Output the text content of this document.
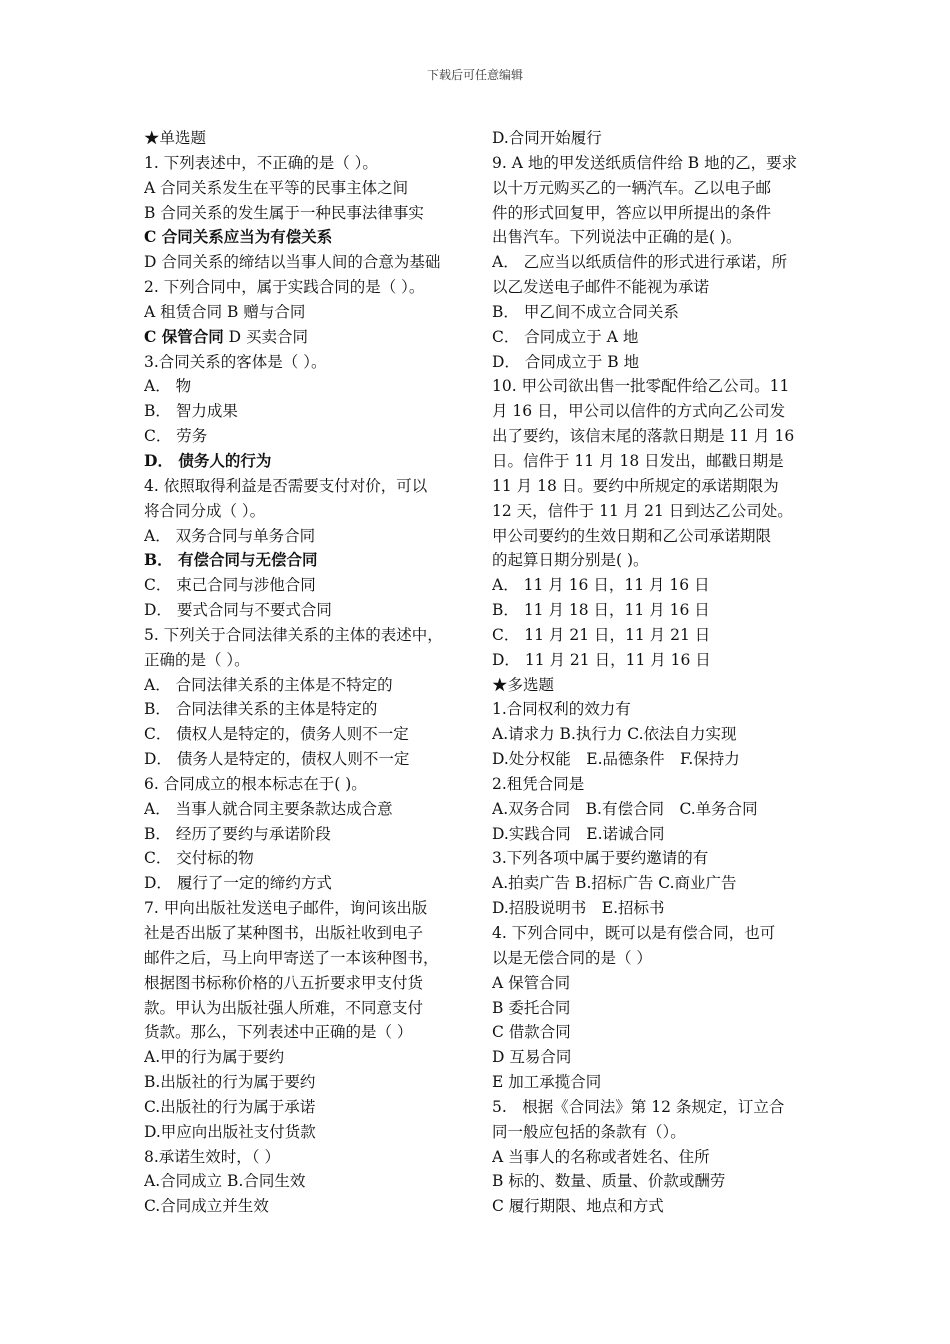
下载后可任意编辑
★单选题
1. 下列表述中，不正确的是（ ）。
A 合同关系发生在平等的民事主体之间
B 合同关系的发生属于一种民事法律事实
C 合同关系应当为有偿关系
D 合同关系的缔结以当事人间的合意为基础
2. 下列合同中，属于实践合同的是（ ）。
A 租赁合同 B 赠与合同
C 保管合同 D 买卖合同
3.合同关系的客体是（ ）。
A． 物
B． 智力成果
C． 劳务
D． 债务人的行为
4. 依照取得利益是否需要支付对价，可以
将合同分成（ ）。
A． 双务合同与单务合同
B． 有偿合同与无偿合同
C． 束己合同与涉他合同
D． 要式合同与不要式合同
5. 下列关于合同法律关系的主体的表述中，
正确的是（ ）。
A． 合同法律关系的主体是不特定的
B． 合同法律关系的主体是特定的
C． 债权人是特定的，债务人则不一定
D． 债务人是特定的，债权人则不一定
6. 合同成立的根本标志在于( )。
A． 当事人就合同主要条款达成合意
B． 经历了要约与承诺阶段
C． 交付标的物
D． 履行了一定的缔约方式
7. 甲向出版社发送电子邮件，询问该出版
社是否出版了某种图书，出版社收到电子
邮件之后，马上向甲寄送了一本该种图书，
根据图书标称价格的八五折要求甲支付货
款。甲认为出版社强人所难，不同意支付
货款。那么，下列表述中正确的是（ ）
A.甲的行为属于要约
B.出版社的行为属于要约
C.出版社的行为属于承诺
D.甲应向出版社支付货款
8.承诺生效时，（ ）
A.合同成立 B.合同生效
C.合同成立并生效
D.合同开始履行
9. A 地的甲发送纸质信件给 B 地的乙，要求
以十万元购买乙的一辆汽车。乙以电子邮
件的形式回复甲，答应以甲所提出的条件
出售汽车。下列说法中正确的是( )。
A． 乙应当以纸质信件的形式进行承诺，所
以乙发送电子邮件不能视为承诺
B． 甲乙间不成立合同关系
C． 合同成立于 A 地
D． 合同成立于 B 地
10. 甲公司欲出售一批零配件给乙公司。11
月 16 日，甲公司以信件的方式向乙公司发
出了要约，该信末尾的落款日期是 11 月 16
日。信件于 11 月 18 日发出，邮戳日期是
11 月 18 日。要约中所规定的承诺期限为
12 天，信件于 11 月 21 日到达乙公司处。
甲公司要约的生效日期和乙公司承诺期限
的起算日期分别是( )。
A． 11 月 16 日，11 月 16 日
B． 11 月 18 日，11 月 16 日
C． 11 月 21 日，11 月 21 日
D． 11 月 21 日，11 月 16 日
★多选题
1.合同权利的效力有
A.请求力 B.执行力 C.依法自力实现
D.处分权能　E.品德条件　F.保持力
2.租凭合同是
A.双务合同　B.有偿合同　C.单务合同
D.实践合同　E.诺诚合同
3.下列各项中属于要约邀请的有
A.拍卖广告 B.招标广告 C.商业广告
D.招股说明书　E.招标书
4. 下列合同中，既可以是有偿合同，也可
以是无偿合同的是（ ）
A 保管合同
B 委托合同
C 借款合同
D 互易合同
E 加工承揽合同
5.　根据《合同法》第 12 条规定，订立合
同一般应包括的条款有（）。
A 当事人的名称或者姓名、住所
B 标的、数量、质量、价款或酬劳
C 履行期限、地点和方式
